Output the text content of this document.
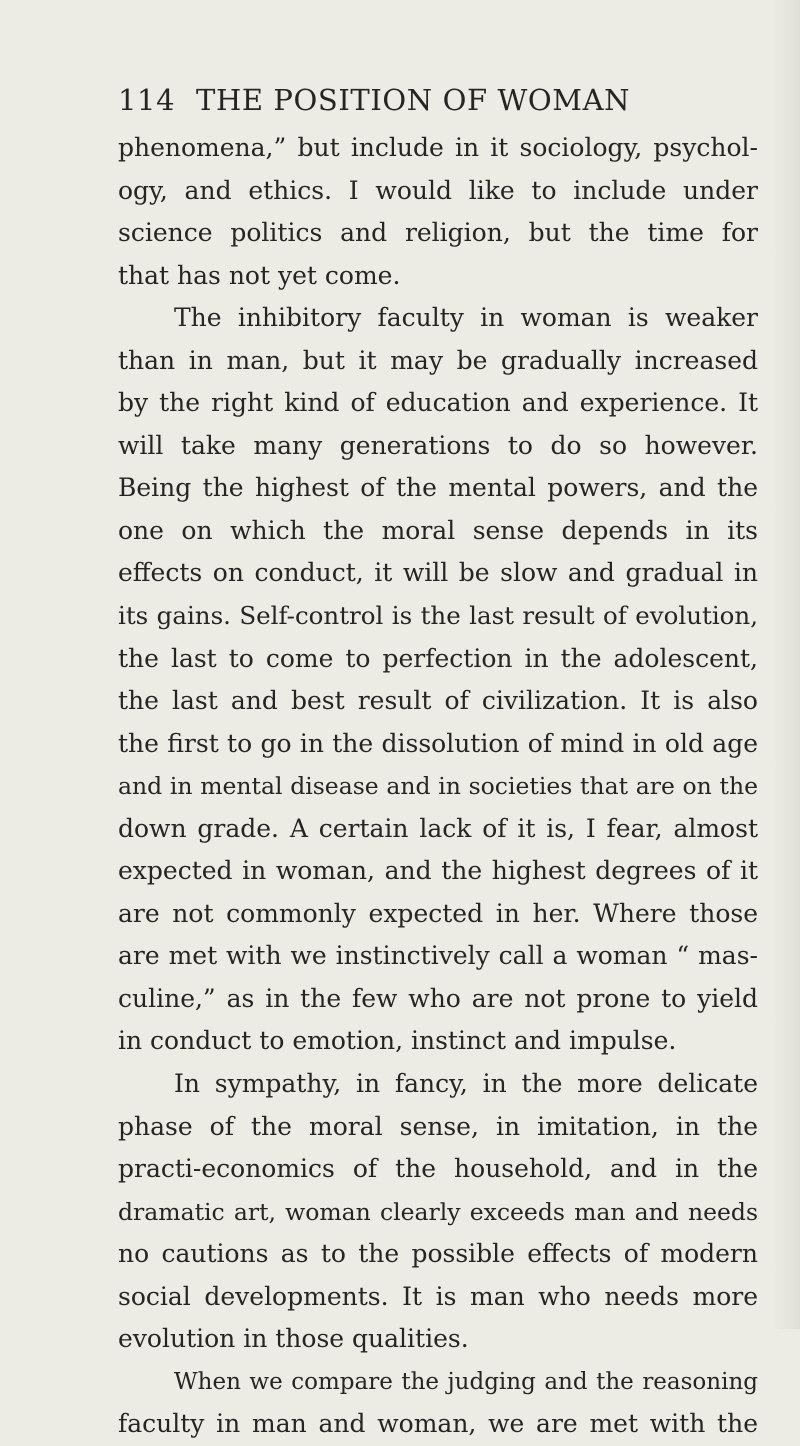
114 THE POSITION OF WOMAN
phenomena,” but include in it sociology, psychol-
ogy, and ethics. I would like to include under
science politics and religion, but the time for
that has not yet come.
The inhibitory faculty in woman is weaker
than in man, but it may be gradually increased
by the right kind of education and experience. It
will take many generations to do so however.
Being the highest of the mental powers, and the
one on which the moral sense depends in its
effects on conduct, it will be slow and gradual in
its gains. Self-control is the last result of evolution,
the last to come to perfection in the adolescent,
the last and best result of civilization. It is also
the first to go in the dissolution of mind in old age
and in mental disease and in societies that are on the
down grade. A certain lack of it is, I fear, almost
expected in woman, and the highest degrees of it
are not commonly expected in her. Where those
are met with we instinctively call a woman “ mas-
culine,” as in the few who are not prone to yield
in conduct to emotion, instinct and impulse.
In sympathy, in fancy, in the more delicate
phase of the moral sense, in imitation, in the
practi-economics of the household, and in the
dramatic art, woman clearly exceeds man and needs
no cautions as to the possible effects of modern
social developments. It is man who needs more
evolution in those qualities.
When we compare the judging and the reasoning
faculty in man and woman, we are met with the
